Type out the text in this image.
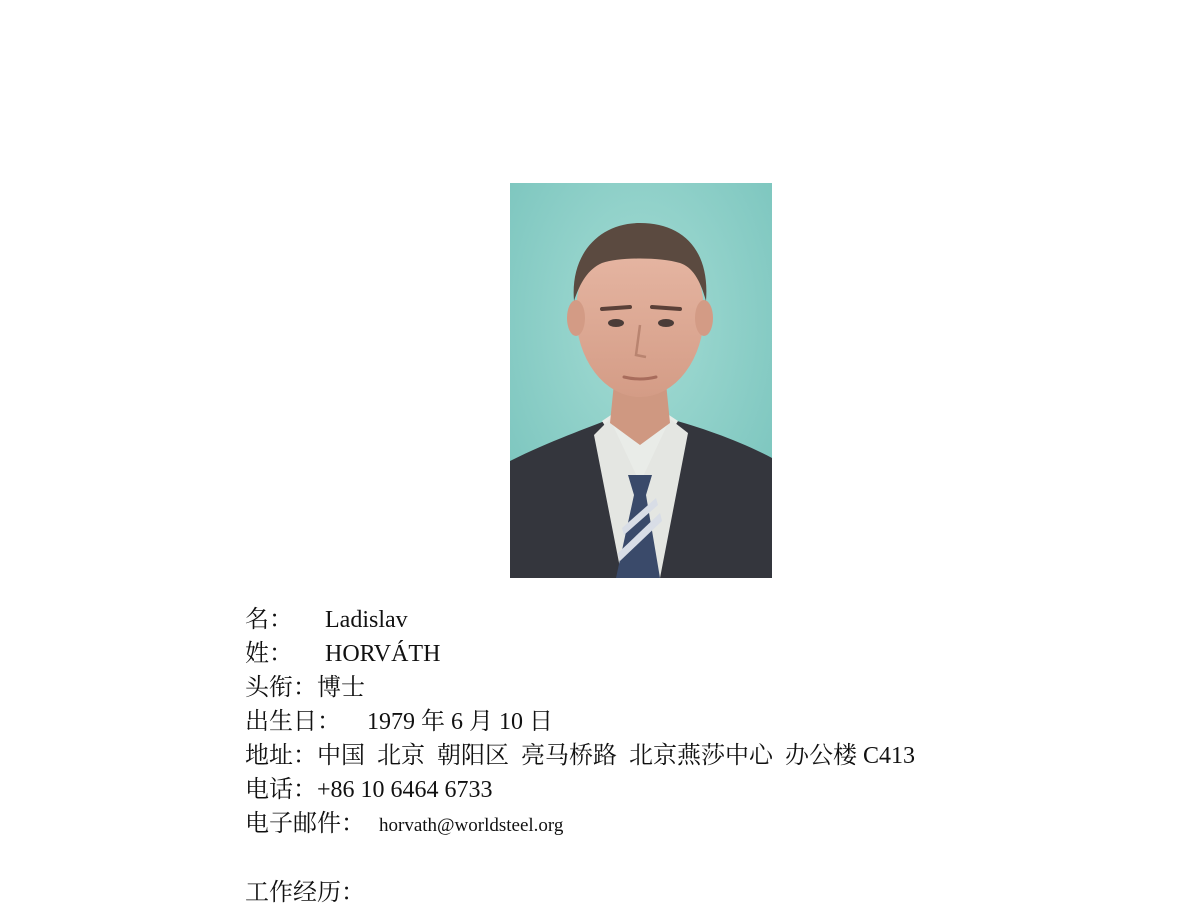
名： Ladislav
姓： HORVÁTH
头衔：博士
出生日： 1979 年 6 月 10 日
地址：中国  北京  朝阳区  亮马桥路  北京燕莎中心  办公楼 C413
电话：+86 10 6464 6733
电子邮件： horvath@worldsteel.org
工作经历：
